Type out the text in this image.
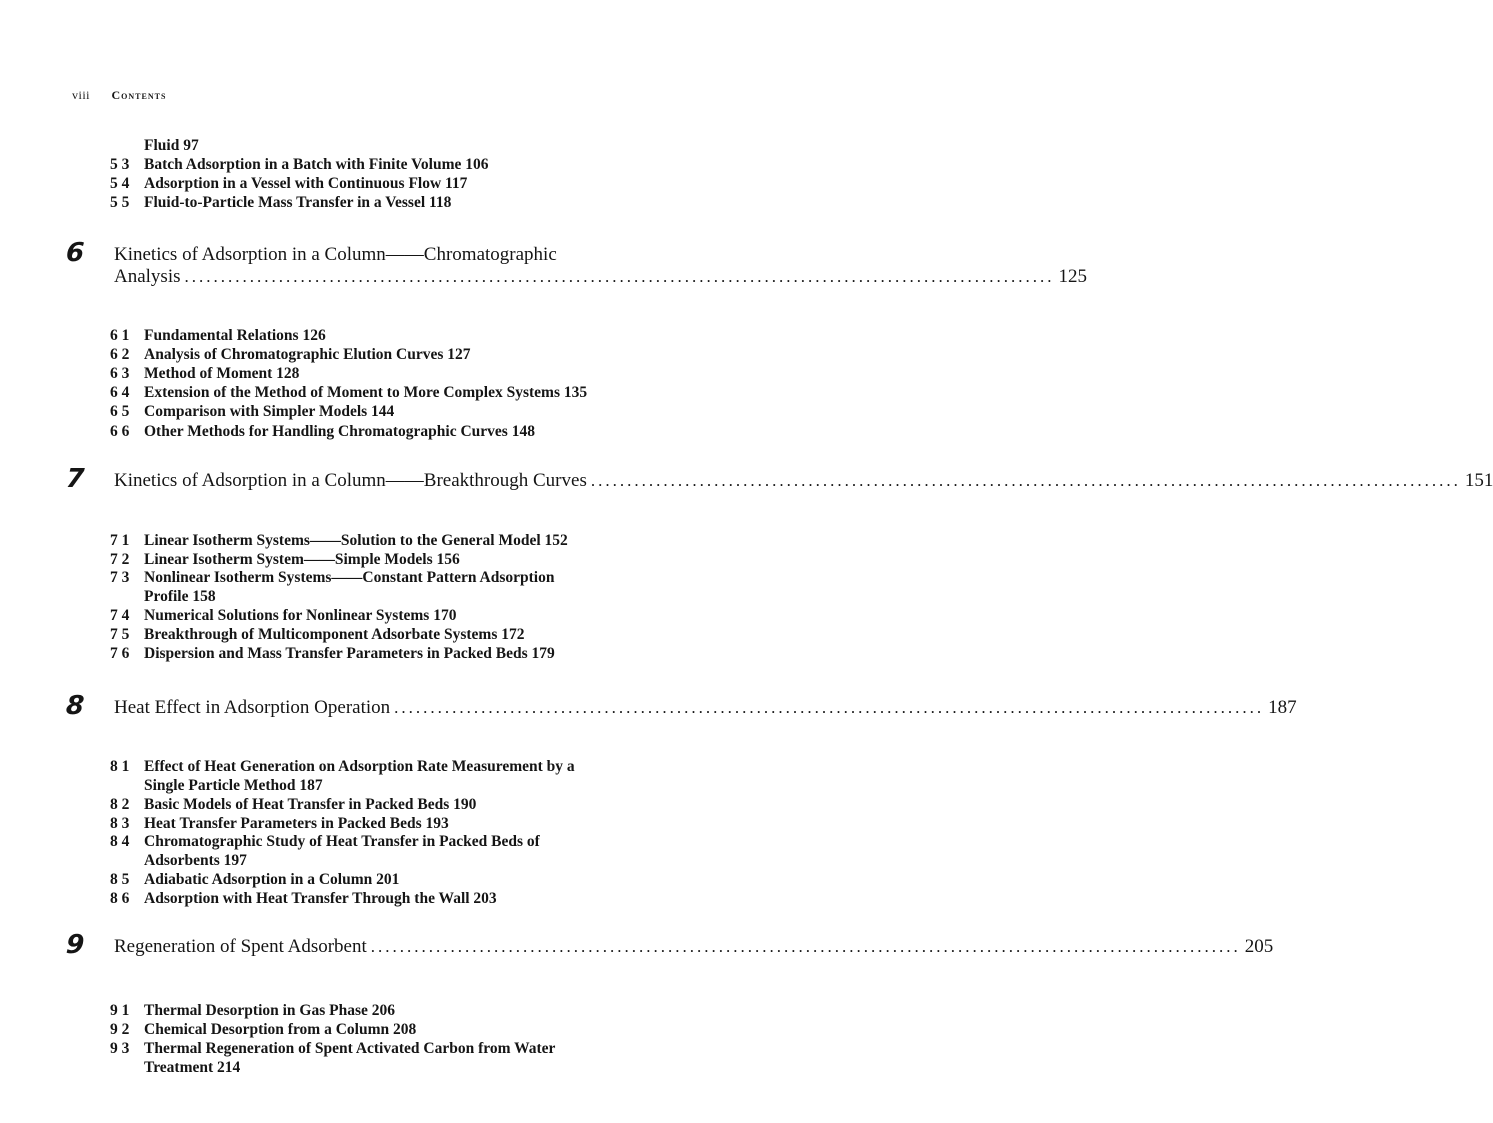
viii Contents
Fluid 97
5 3 Batch Adsorption in a Batch with Finite Volume 106
5 4 Adsorption in a Vessel with Continuous Flow 117
5 5 Fluid-to-Particle Mass Transfer in a Vessel 118
6 Kinetics of Adsorption in a Column——Chromatographic
Analysis ........................................................................................................................ 125
6 1 Fundamental Relations 126
6 2 Analysis of Chromatographic Elution Curves 127
6 3 Method of Moment 128
6 4 Extension of the Method of Moment to More Complex Systems 135
6 5 Comparison with Simpler Models 144
6 6 Other Methods for Handling Chromatographic Curves 148
7 Kinetics of Adsorption in a Column——Breakthrough Curves ........................................................................................................................ 151
7 1 Linear Isotherm Systems——Solution to the General Model 152
7 2 Linear Isotherm System——Simple Models 156
7 3 Nonlinear Isotherm Systems——Constant Pattern Adsorption
Profile 158
7 4 Numerical Solutions for Nonlinear Systems 170
7 5 Breakthrough of Multicomponent Adsorbate Systems 172
7 6 Dispersion and Mass Transfer Parameters in Packed Beds 179
8 Heat Effect in Adsorption Operation ........................................................................................................................ 187
8 1 Effect of Heat Generation on Adsorption Rate Measurement by a
Single Particle Method 187
8 2 Basic Models of Heat Transfer in Packed Beds 190
8 3 Heat Transfer Parameters in Packed Beds 193
8 4 Chromatographic Study of Heat Transfer in Packed Beds of
Adsorbents 197
8 5 Adiabatic Adsorption in a Column 201
8 6 Adsorption with Heat Transfer Through the Wall 203
9 Regeneration of Spent Adsorbent ........................................................................................................................ 205
9 1 Thermal Desorption in Gas Phase 206
9 2 Chemical Desorption from a Column 208
9 3 Thermal Regeneration of Spent Activated Carbon from Water
Treatment 214
